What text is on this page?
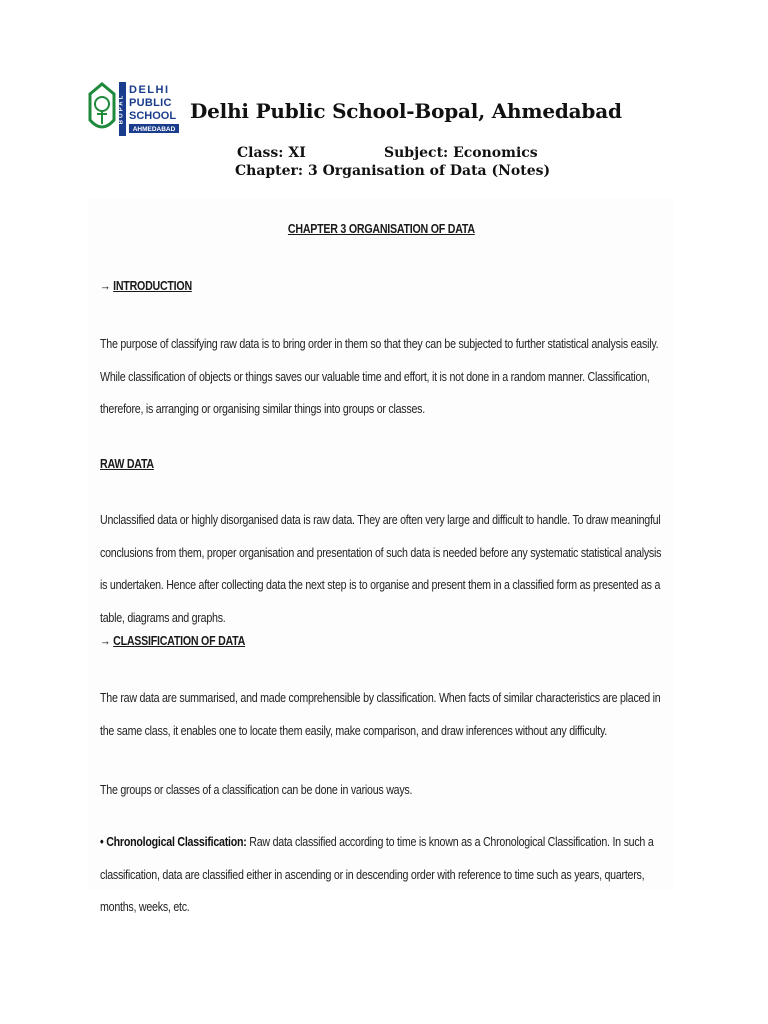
BOPAL
DELHI
PUBLIC
SCHOOL
AHMEDABAD
Delhi Public School-Bopal, Ahmedabad
Class: XI	Subject: Economics
Chapter: 3 Organisation of Data (Notes)
CHAPTER 3 ORGANISATION OF DATA
→ INTRODUCTION
The purpose of classifying raw data is to bring order in them so that they can be subjected to further statistical analysis easily. While classification of objects or things saves our valuable time and effort, it is not done in a random manner. Classification, therefore, is arranging or organising similar things into groups or classes.
RAW DATA
Unclassified data or highly disorganised data is raw data. They are often very large and difficult to handle. To draw meaningful conclusions from them, proper organisation and presentation of such data is needed before any systematic statistical analysis is undertaken. Hence after collecting data the next step is to organise and present them in a classified form as presented as a table, diagrams and graphs.
→ CLASSIFICATION OF DATA
The raw data are summarised, and made comprehensible by classification. When facts of similar characteristics are placed in the same class, it enables one to locate them easily, make comparison, and draw inferences without any difficulty.
The groups or classes of a classification can be done in various ways.
• Chronological Classification: Raw data classified according to time is known as a Chronological Classification. In such a classification, data are classified either in ascending or in descending order with reference to time such as years, quarters, months, weeks, etc.
